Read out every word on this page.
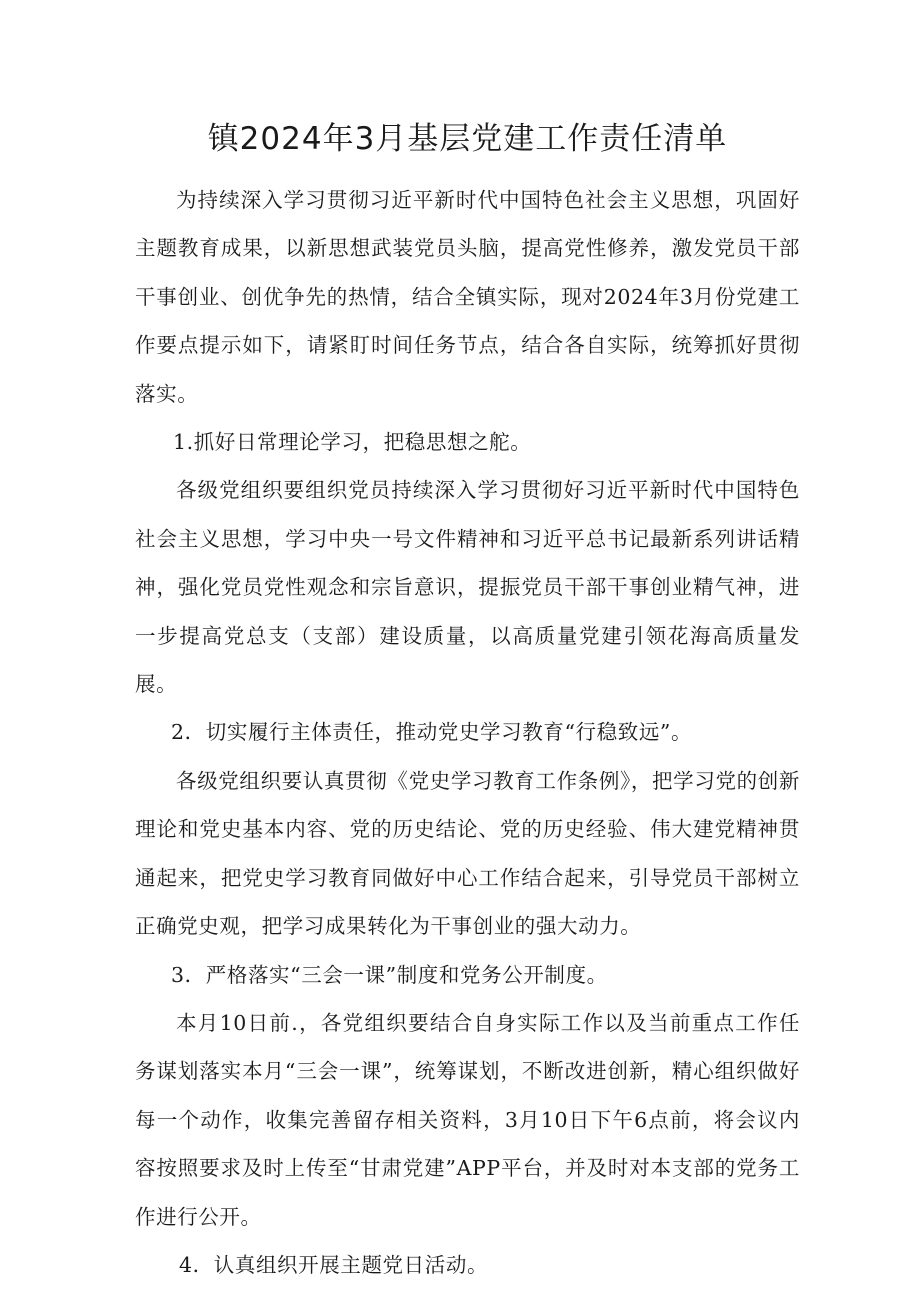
镇2024年3月基层党建工作责任清单

为持续深入学习贯彻习近平新时代中国特色社会主义思想，巩固好主题教育成果，以新思想武装党员头脑，提高党性修养，激发党员干部干事创业、创优争先的热情，结合全镇实际，现对2024年3月份党建工作要点提示如下，请紧盯时间任务节点，结合各自实际，统筹抓好贯彻落实。

1.抓好日常理论学习，把稳思想之舵。

各级党组织要组织党员持续深入学习贯彻好习近平新时代中国特色社会主义思想，学习中央一号文件精神和习近平总书记最新系列讲话精神，强化党员党性观念和宗旨意识，提振党员干部干事创业精气神，进一步提高党总支（支部）建设质量，以高质量党建引领花海高质量发展。

2．切实履行主体责任，推动党史学习教育“行稳致远”。

各级党组织要认真贯彻《党史学习教育工作条例》，把学习党的创新理论和党史基本内容、党的历史结论、党的历史经验、伟大建党精神贯通起来，把党史学习教育同做好中心工作结合起来，引导党员干部树立正确党史观，把学习成果转化为干事创业的强大动力。

3．严格落实“三会一课”制度和党务公开制度。

本月10日前.，各党组织要结合自身实际工作以及当前重点工作任务谋划落实本月“三会一课”，统筹谋划，不断改进创新，精心组织做好每一个动作，收集完善留存相关资料，3月10日下午6点前，将会议内容按照要求及时上传至“甘肃党建”APP平台，并及时对本支部的党务工作进行公开。

4．认真组织开展主题党日活动。
